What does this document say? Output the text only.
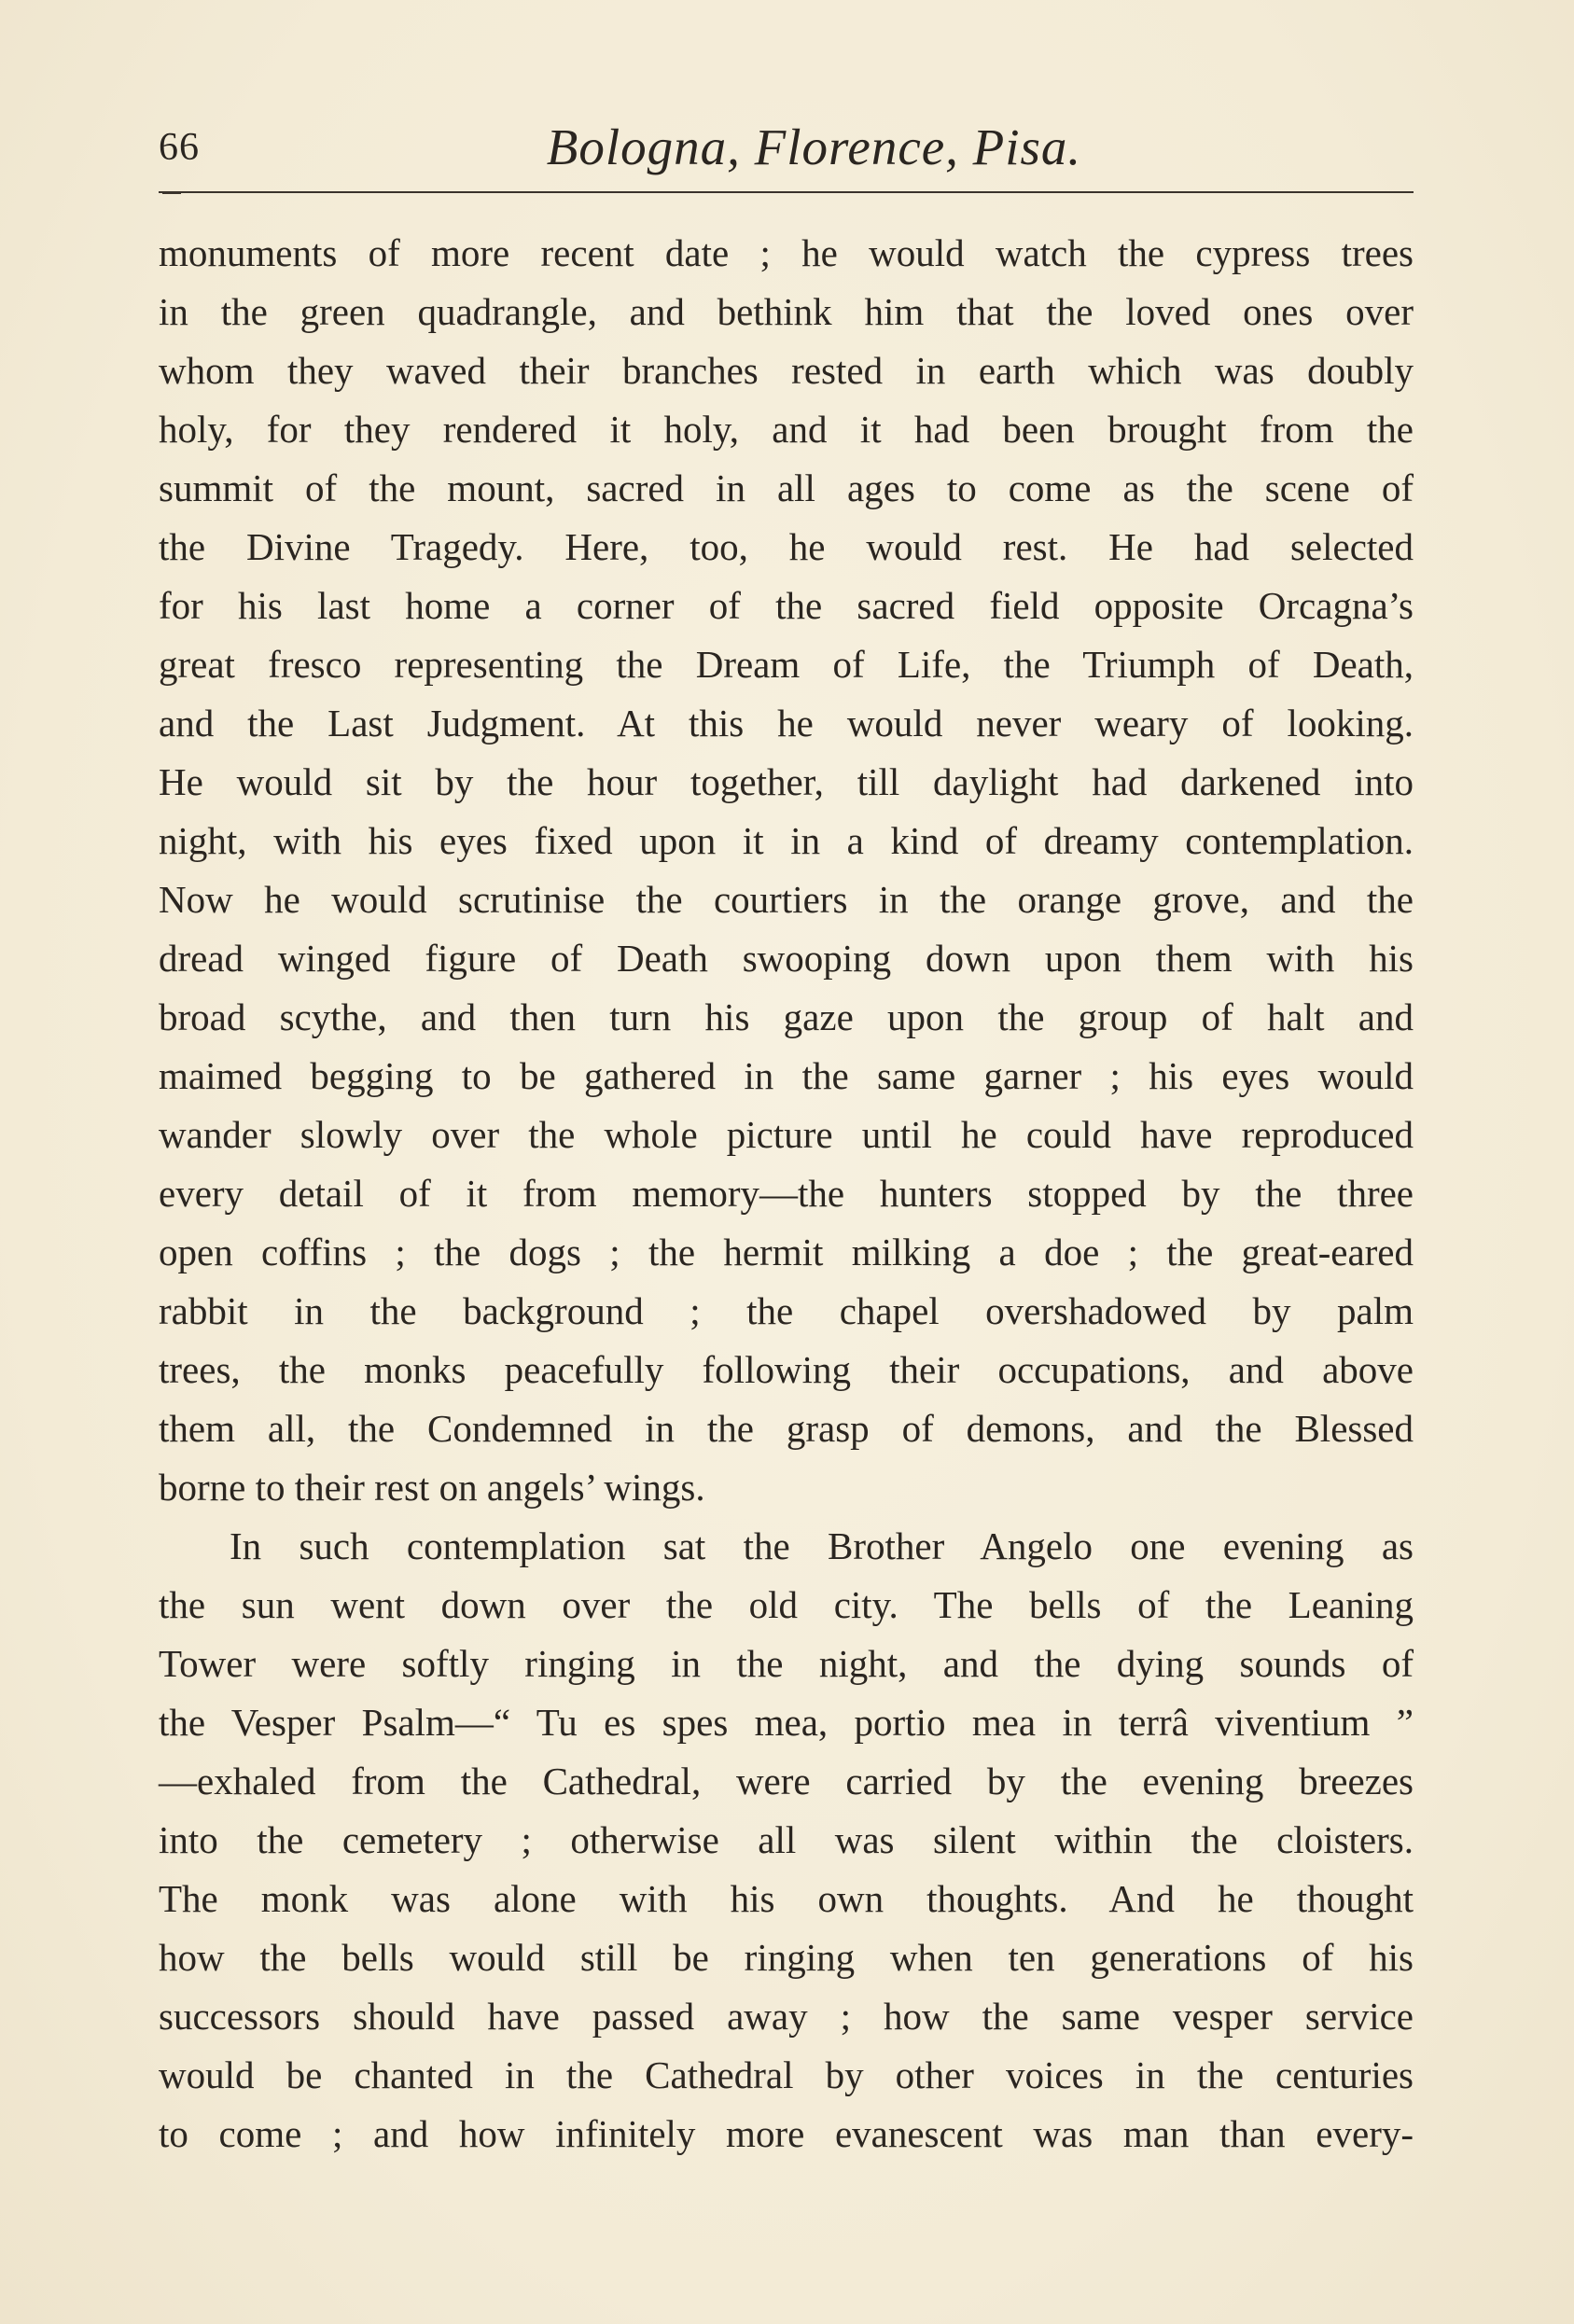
66	Bologna, Florence, Pisa.
monuments of more recent date ; he would watch the cypress trees
in the green quadrangle, and bethink him that the loved ones over
whom they waved their branches rested in earth which was doubly
holy, for they rendered it holy, and it had been brought from the
summit of the mount, sacred in all ages to come as the scene of
the Divine Tragedy. Here, too, he would rest. He had selected
for his last home a corner of the sacred field opposite Orcagna’s
great fresco representing the Dream of Life, the Triumph of Death,
and the Last Judgment. At this he would never weary of looking.
He would sit by the hour together, till daylight had darkened into
night, with his eyes fixed upon it in a kind of dreamy contemplation.
Now he would scrutinise the courtiers in the orange grove, and the
dread winged figure of Death swooping down upon them with his
broad scythe, and then turn his gaze upon the group of halt and
maimed begging to be gathered in the same garner ; his eyes would
wander slowly over the whole picture until he could have reproduced
every detail of it from memory—the hunters stopped by the three
open coffins ; the dogs ; the hermit milking a doe ; the great-eared
rabbit in the background ; the chapel overshadowed by palm
trees, the monks peacefully following their occupations, and above
them all, the Condemned in the grasp of demons, and the Blessed
borne to their rest on angels’ wings.
In such contemplation sat the Brother Angelo one evening as
the sun went down over the old city. The bells of the Leaning
Tower were softly ringing in the night, and the dying sounds of
the Vesper Psalm—“ Tu es spes mea, portio mea in terrâ viventium ”
—exhaled from the Cathedral, were carried by the evening breezes
into the cemetery ; otherwise all was silent within the cloisters.
The monk was alone with his own thoughts. And he thought
how the bells would still be ringing when ten generations of his
successors should have passed away ; how the same vesper service
would be chanted in the Cathedral by other voices in the centuries
to come ; and how infinitely more evanescent was man than every-
